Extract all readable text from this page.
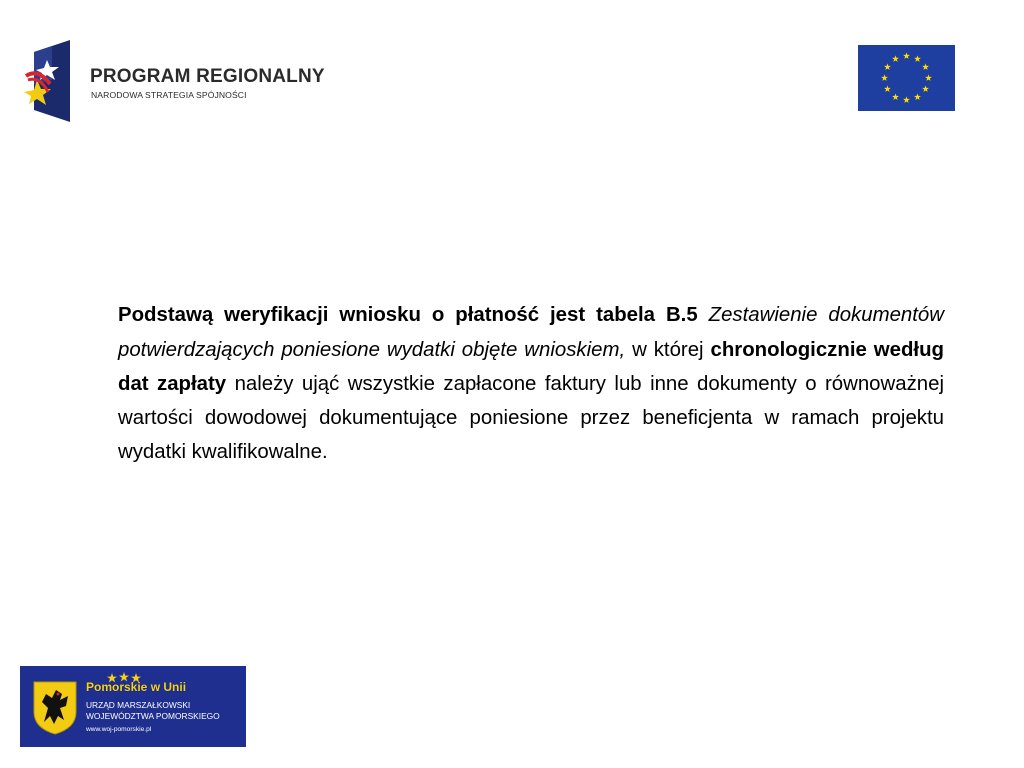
PROGRAM REGIONALNY
NARODOWA STRATEGIA SPÓJNOŚCI

Podstawą weryfikacji wniosku o płatność jest tabela B.5 Zestawienie dokumentów potwierdzających poniesione wydatki objęte wnioskiem, w której chronologicznie według dat zapłaty należy ująć wszystkie zapłacone faktury lub inne dokumenty o równoważnej wartości dowodowej dokumentujące poniesione przez beneficjenta w ramach projektu wydatki kwalifikowalne.

Pomorskie w Unii
URZĄD MARSZAŁKOWSKI
WOJEWÓDZTWA POMORSKIEGO
www.woj-pomorskie.pl
